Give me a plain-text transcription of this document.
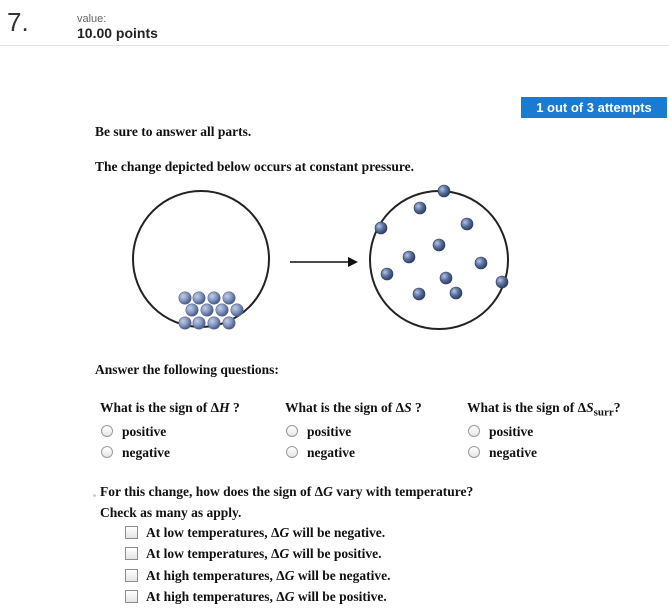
7.	value:
10.00 points
1 out of 3 attempts
Be sure to answer all parts.
The change depicted below occurs at constant pressure.
Answer the following questions:
What is the sign of ΔH ?
positive
negative
What is the sign of ΔS ?
positive
negative
What is the sign of $\Delta S_{surr}$?
positive
negative
For this change, how does the sign of ΔG vary with temperature?
Check as many as apply.
At low temperatures, ΔG will be negative.
At low temperatures, ΔG will be positive.
At high temperatures, ΔG will be negative.
At high temperatures, ΔG will be positive.
